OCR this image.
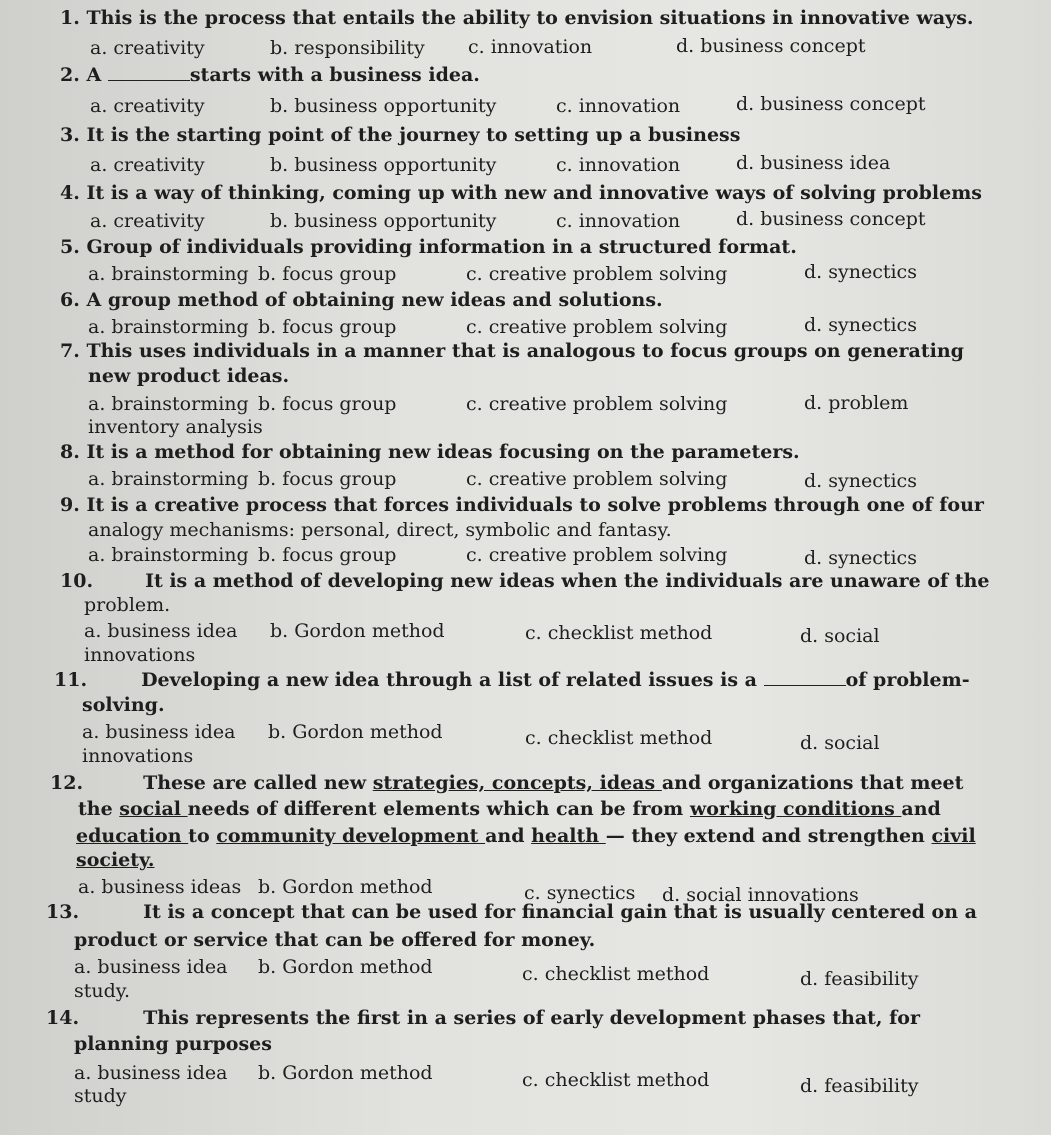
1. This is the process that entails the ability to envision situations in innovative ways.
a. creativity	b. responsibility c. innovation	d. business concept
2. A	starts with a business idea.
a. creativity	b. business opportunity	c. innovation	d. business concept
3. It is the starting point of the journey to setting up a business
a. creativity	b. business opportunity	c. innovation	d. business idea
4. It is a way of thinking, coming up with new and innovative ways of solving problems
a. creativity	b. business opportunity	c. innovation	d. business concept
5. Group of individuals providing information in a structured format.
a. brainstorming b. focus group	c. creative problem solving	d. synectics
6. A group method of obtaining new ideas and solutions.
a. brainstorming b. focus group	c. creative problem solving	d. synectics
7. This uses individuals in a manner that is analogous to focus groups on generating
new product ideas.
a. brainstorming b. focus group	c. creative problem solving	d. problem
inventory analysis
8. It is a method for obtaining new ideas focusing on the parameters.
a. brainstorming b. focus group	c. creative problem solving	d. synectics
9. It is a creative process that forces individuals to solve problems through one of four
analogy mechanisms: personal, direct, symbolic and fantasy.
a. brainstorming b. focus group	c. creative problem solving	d. synectics
10.	It is a method of developing new ideas when the individuals are unaware of the
problem.
a. business idea b. Gordon method	c. checklist method	d. social
innovations
11.	Developing a new idea through a list of related issues is a	of problem-
solving.
a. business idea b. Gordon method	c. checklist method	d. social
innovations
12.	These are called new strategies, concepts, ideas and organizations that meet
the social needs of different elements which can be from working conditions and
education to community development and health — they extend and strengthen civil
society.
a. business ideas b. Gordon method	c. synectics d. social innovations
13.	It is a concept that can be used for financial gain that is usually centered on a
product or service that can be offered for money.
a. business idea b. Gordon method	c. checklist method	d. feasibility
study.
14.	This represents the first in a series of early development phases that, for
planning purposes
a. business idea b. Gordon method	c. checklist method	d. feasibility
study
